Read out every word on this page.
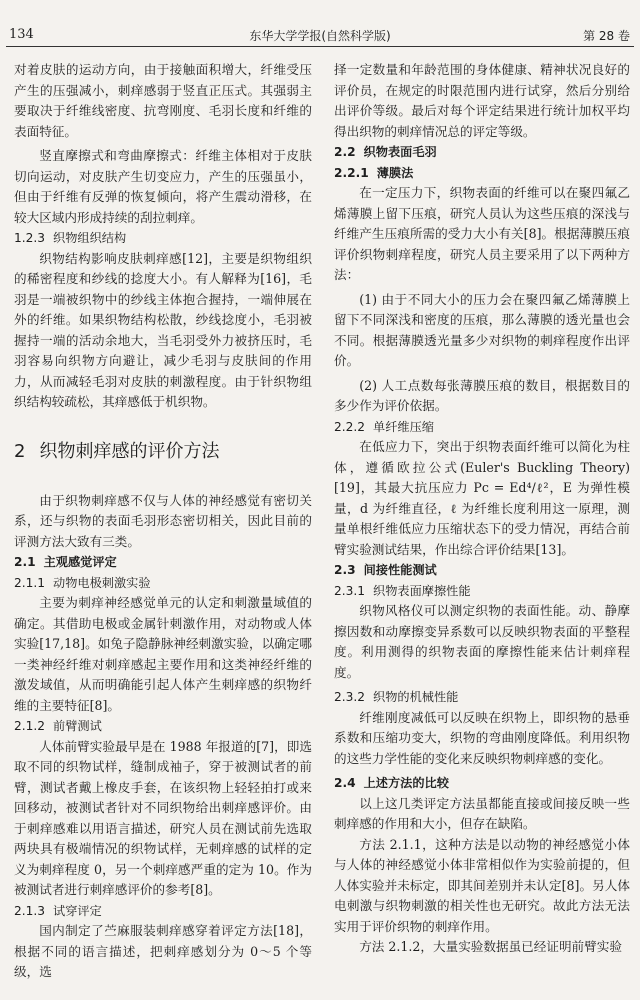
134	东华大学学报(自然科学版)	第 28 卷

对着皮肤的运动方向，由于接触面积增大，纤维受压产生的压强减小，刺痒感弱于竖直正压式。其强弱主要取决于纤维线密度、抗弯刚度、毛羽长度和纤维的表面特征。

竖直摩擦式和弯曲摩擦式：纤维主体相对于皮肤切向运动，对皮肤产生切变应力，产生的压强虽小，但由于纤维有反弹的恢复倾向，将产生震动滑移，在较大区域内形成持续的刮拉刺痒。

1.2.3 织物组织结构

织物结构影响皮肤刺痒感[12]，主要是织物组织的稀密程度和纱线的捻度大小。有人解释为[16]，毛羽是一端被织物中的纱线主体抱合握持，一端伸展在外的纤维。如果织物结构松散，纱线捻度小，毛羽被握持一端的活动余地大，当毛羽受外力被挤压时，毛羽容易向织物方向避让，减少毛羽与皮肤间的作用力，从而减轻毛羽对皮肤的刺激程度。由于针织物组织结构较疏松，其痒感低于机织物。

2 织物刺痒感的评价方法

由于织物刺痒感不仅与人体的神经感觉有密切关系，还与织物的表面毛羽形态密切相关，因此目前的评测方法大致有三类。

2.1 主观感觉评定
2.1.1 动物电极刺激实验

主要为刺痒神经感觉单元的认定和刺激量域值的确定。其借助电极或金属针刺激作用，对动物或人体实验[17,18]。如兔子隐静脉神经刺激实验，以确定哪一类神经纤维对刺痒感起主要作用和这类神经纤维的激发域值，从而明确能引起人体产生刺痒感的织物纤维的主要特征[8]。

2.1.2 前臂测试

人体前臂实验最早是在 1988 年报道的[7]，即选取不同的织物试样，缝制成袖子，穿于被测试者的前臂，测试者戴上橡皮手套，在该织物上轻轻拍打或来回移动，被测试者针对不同织物给出刺痒感评价。由于刺痒感难以用语言描述，研究人员在测试前先选取两块具有极端情况的织物试样，无刺痒感的试样的定义为刺痒程度 0，另一个刺痒感严重的定为 10。作为被测试者进行刺痒感评价的参考[8]。

2.1.3 试穿评定

国内制定了苎麻服装刺痒感穿着评定方法[18]，根据不同的语言描述，把刺痒感划分为 0～5 个等级，选

择一定数量和年龄范围的身体健康、精神状况良好的评价员，在规定的时限范围内进行试穿，然后分别给出评价等级。最后对每个评定结果进行统计加权平均得出织物的刺痒情况总的评定等级。

2.2 织物表面毛羽
2.2.1 薄膜法

在一定压力下，织物表面的纤维可以在聚四氟乙烯薄膜上留下压痕，研究人员认为这些压痕的深浅与纤维产生压痕所需的受力大小有关[8]。根据薄膜压痕评价织物刺痒程度，研究人员主要采用了以下两种方法：

(1) 由于不同大小的压力会在聚四氟乙烯薄膜上留下不同深浅和密度的压痕，那么薄膜的透光量也会不同。根据薄膜透光量多少对织物的刺痒程度作出评价。

(2) 人工点数每张薄膜压痕的数目，根据数目的多少作为评价依据。

2.2.2 单纤维压缩

在低应力下，突出于织物表面纤维可以简化为柱体，遵循欧拉公式(Euler's Buckling Theory)[19]，其最大抗压应力 Pc = Ed⁴/ℓ²，E 为弹性模量，d 为纤维直径，ℓ 为纤维长度利用这一原理，测量单根纤维低应力压缩状态下的受力情况，再结合前臂实验测试结果，作出综合评价结果[13]。

2.3 间接性能测试
2.3.1 织物表面摩擦性能

织物风格仪可以测定织物的表面性能。动、静摩擦因数和动摩擦变异系数可以反映织物表面的平整程度。利用测得的织物表面的摩擦性能来估计刺痒程度。

2.3.2 织物的机械性能

纤维刚度减低可以反映在织物上，即织物的悬垂系数和压缩功变大，织物的弯曲刚度降低。利用织物的这些力学性能的变化来反映织物刺痒感的变化。

2.4 上述方法的比较

以上这几类评定方法虽都能直接或间接反映一些刺痒感的作用和大小，但存在缺陷。

方法 2.1.1，这种方法是以动物的神经感觉小体与人体的神经感觉小体非常相似作为实验前提的，但人体实验并未标定，即其间差别并未认定[8]。另人体电刺激与织物刺激的相关性也无研究。故此方法无法实用于评价织物的刺痒作用。

方法 2.1.2，大量实验数据虽已经证明前臂实验
